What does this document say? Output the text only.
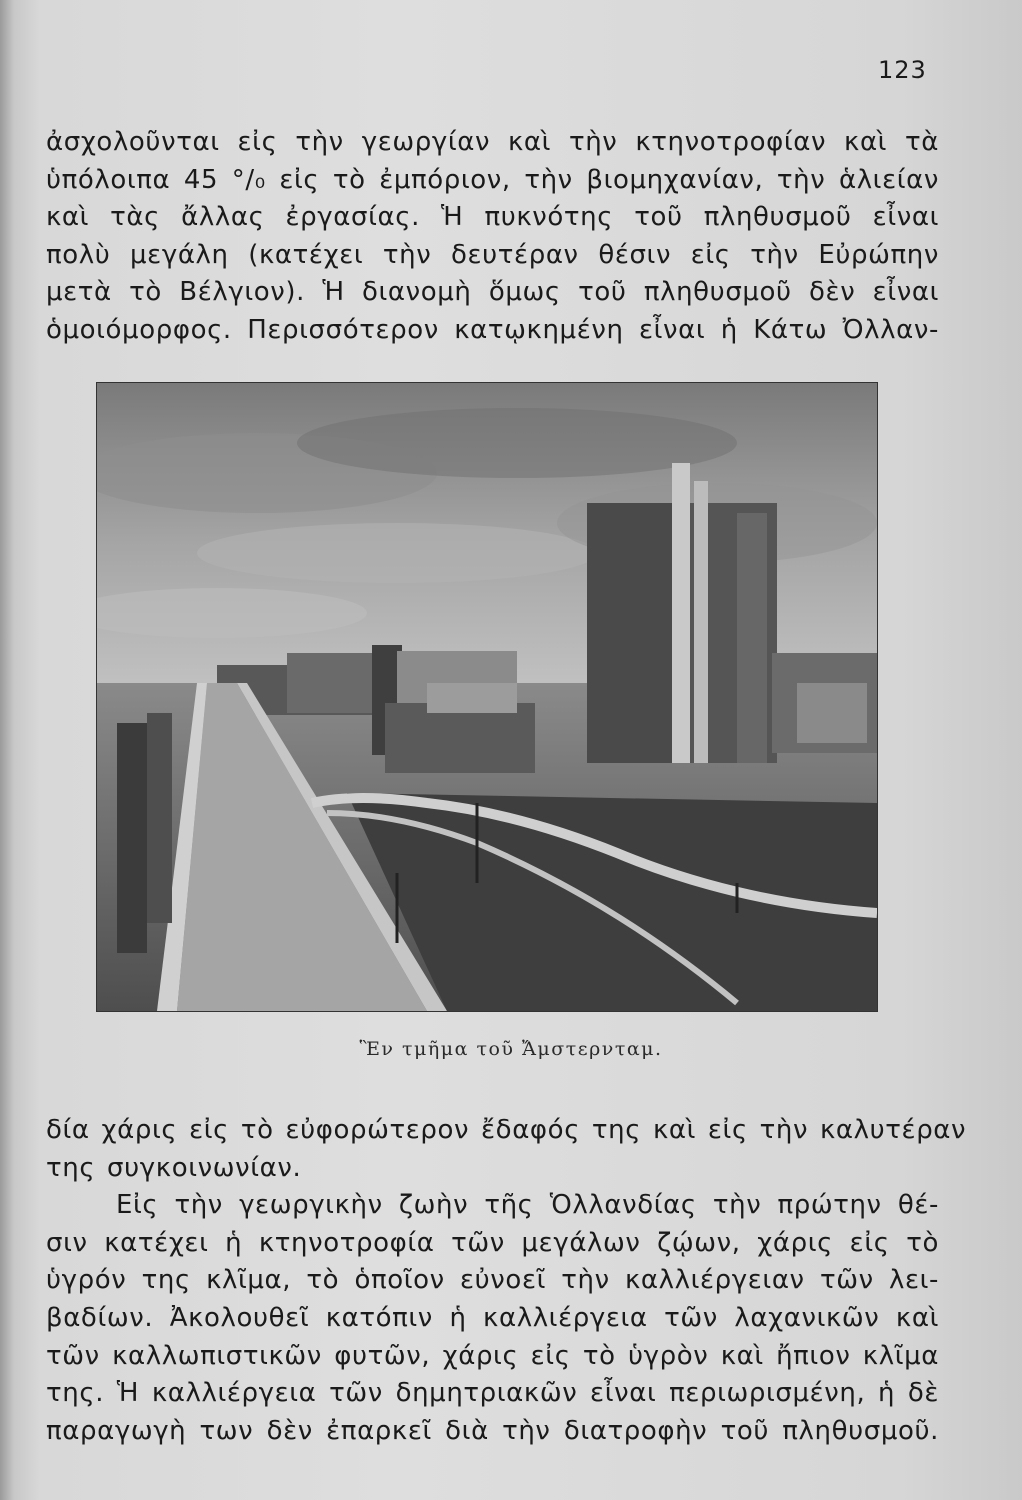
123
ἀσχολοῦνται εἰς τὴν γεωργίαν καὶ τὴν κτηνοτροφίαν καὶ τὰ
ὑπόλοιπα 45 °/₀ εἰς τὸ ἐμπόριον, τὴν βιομηχανίαν, τὴν ἁλιείαν
καὶ τὰς ἄλλας ἐργασίας. Ἡ πυκνότης τοῦ πληθυσμοῦ εἶναι
πολὺ μεγάλη (κατέχει τὴν δευτέραν θέσιν εἰς τὴν Εὐρώπην
μετὰ τὸ Βέλγιον). Ἡ διανομὴ ὅμως τοῦ πληθυσμοῦ δὲν εἶναι
ὁμοιόμορφος. Περισσότερον κατῳκημένη εἶναι ἡ Κάτω Ὀλλαν-
Ἓν τμῆμα τοῦ Ἄμστερνταμ.
δία χάρις εἰς τὸ εὐφορώτερον ἔδαφός της καὶ εἰς τὴν καλυτέραν
της συγκοινωνίαν.
Εἰς τὴν γεωργικὴν ζωὴν τῆς Ὁλλανδίας τὴν πρώτην θέ-
σιν κατέχει ἡ κτηνοτροφία τῶν μεγάλων ζῴων, χάρις εἰς τὸ
ὑγρόν της κλῖμα, τὸ ὁποῖον εὐνοεῖ τὴν καλλιέργειαν τῶν λει-
βαδίων. Ἀκολουθεῖ κατόπιν ἡ καλλιέργεια τῶν λαχανικῶν καὶ
τῶν καλλωπιστικῶν φυτῶν, χάρις εἰς τὸ ὑγρὸν καὶ ἤπιον κλῖμα
της. Ἡ καλλιέργεια τῶν δημητριακῶν εἶναι περιωρισμένη, ἡ δὲ
παραγωγὴ των δὲν ἐπαρκεῖ διὰ τὴν διατροφὴν τοῦ πληθυσμοῦ.
